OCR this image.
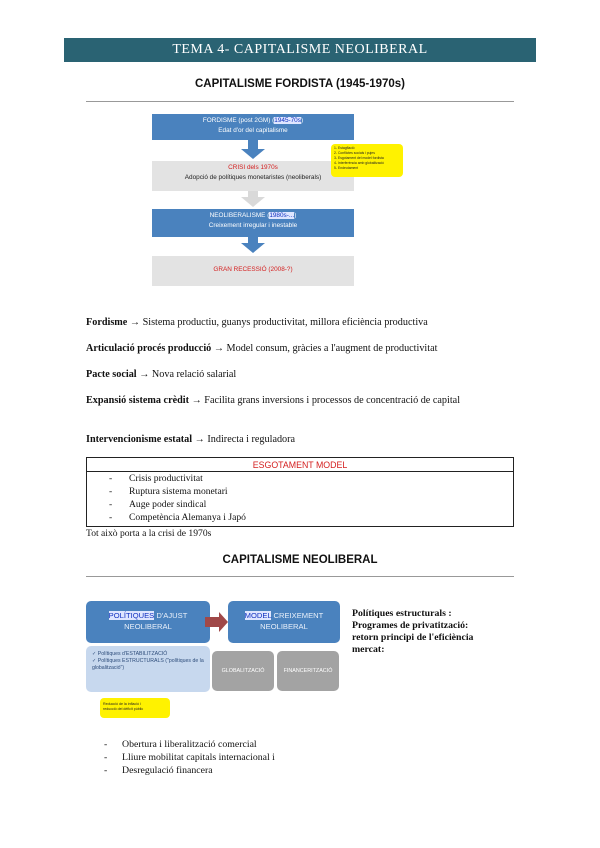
TEMA 4- CAPITALISME NEOLIBERAL
CAPITALISME FORDISTA (1945-1970s)
FORDISME (post 2GM) (1945-70s)
Edat d'or del capitalisme
CRISI dels 1970s
Adopció de polítiques monetaristes (neoliberals)
NEOLIBERALISME (1980s-...)
Creixement irregular i inestable
GRAN RECESSIÓ (2008-?)
1- Estagflació
2- Conflictes socials i pujes
3- Esgotament del model fordista
4- Interferència amb globalització
5- Endeutament
Fordisme → Sistema productiu, guanys productivitat, millora eficiència productiva
Articulació procés producció → Model consum, gràcies a l'augment de productivitat
Pacte social → Nova relació salarial
Expansió sistema crèdit → Facilita grans inversions i processos de concentració de capital
Intervencionisme estatal → Indirecta i reguladora
ESGOTAMENT MODEL
- Crisis productivitat
- Ruptura sistema monetari
- Auge poder sindical
- Competència Alemanya i Japó
Tot això porta a la crisi de 1970s
CAPITALISME NEOLIBERAL
POLÍTIQUES D'AJUST
NEOLIBERAL
MODEL CREIXEMENT
NEOLIBERAL
✓ Polítiques d'ESTABILITZACIÓ
✓ Polítiques ESTRUCTURALS ("polítiques de la globalització")	GLOBALITZACIÓ	FINANCERITZACIÓ
Reducció de la inflació i
reducció del dèficit públic
Polítiques estructurals :
Programes de privatització:
retorn principi de l'eficiència
mercat:
- Obertura i liberalització comercial
- Lliure mobilitat capitals internacional i
- Desregulació financera
